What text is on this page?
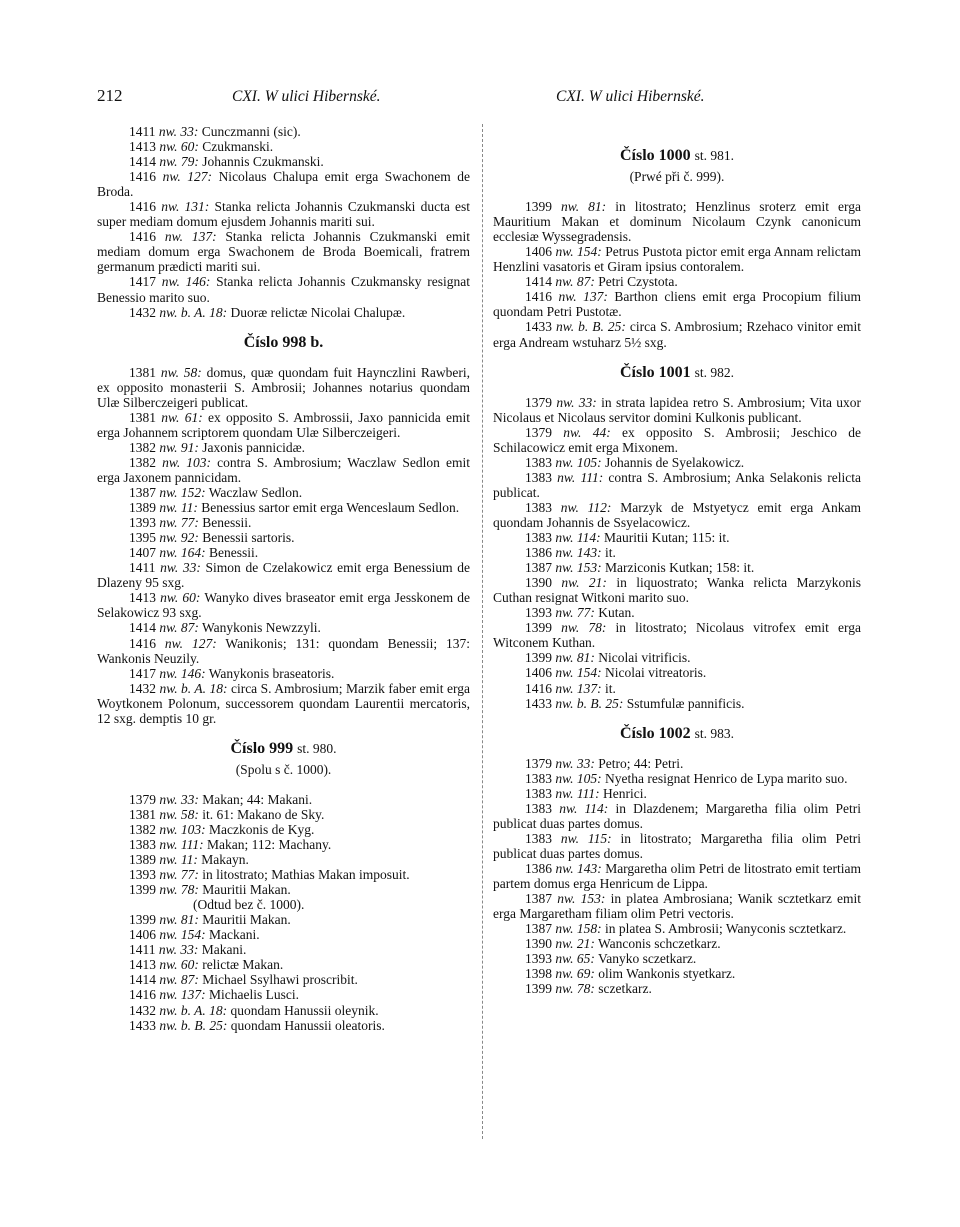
212	CXI. W ulici Hibernské.	CXI. W ulici Hibernské.

1411 nw. 33: Cunczmanni (sic).

1413 nw. 60: Czukmanski.

1414 nw. 79: Johannis Czukmanski.

1416 nw. 127: Nicolaus Chalupa emit erga Swachonem de Broda.

1416 nw. 131: Stanka relicta Johannis Czukmanski ducta est super mediam domum ejusdem Johannis mariti sui.

1416 nw. 137: Stanka relicta Johannis Czukmanski emit mediam domum erga Swachonem de Broda Boemicali, fratrem germanum prædicti mariti sui.

1417 nw. 146: Stanka relicta Johannis Czukmansky resignat Benessio marito suo.

1432 nw. b. A. 18: Duoræ relictæ Nicolai Chalupæ.

Číslo 998 b.

1381 nw. 58: domus, quæ quondam fuit Haynczlini Rawberi, ex opposito monasterii S. Ambrosii; Johannes notarius quondam Ulæ Silberczeigeri publicat.

1381 nw. 61: ex opposito S. Ambrossii, Jaxo pannicida emit erga Johannem scriptorem quondam Ulæ Silberczeigeri.

1382 nw. 91: Jaxonis pannicidæ.

1382 nw. 103: contra S. Ambrosium; Waczlaw Sedlon emit erga Jaxonem pannicidam.

1387 nw. 152: Waczlaw Sedlon.

1389 nw. 11: Benessius sartor emit erga Wenceslaum Sedlon.

1393 nw. 77: Benessii.

1395 nw. 92: Benessii sartoris.

1407 nw. 164: Benessii.

1411 nw. 33: Simon de Czelakowicz emit erga Benessium de Dlazeny 95 sxg.

1413 nw. 60: Wanyko dives braseator emit erga Jesskonem de Selakowicz 93 sxg.

1414 nw. 87: Wanykonis Newzzyli.

1416 nw. 127: Wanikonis; 131: quondam Benessii; 137: Wankonis Neuzily.

1417 nw. 146: Wanykonis braseatoris.

1432 nw. b. A. 18: circa S. Ambrosium; Marzik faber emit erga Woytkonem Polonum, successorem quondam Laurentii mercatoris, 12 sxg. demptis 10 gr.

Číslo 999 st. 980.

(Spolu s č. 1000).

1379 nw. 33: Makan; 44: Makani.

1381 nw. 58: it. 61: Makano de Sky.

1382 nw. 103: Maczkonis de Kyg.

1383 nw. 111: Makan; 112: Machany.

1389 nw. 11: Makayn.

1393 nw. 77: in litostrato; Mathias Makan imposuit.

1399 nw. 78: Mauritii Makan.

(Odtud bez č. 1000).

1399 nw. 81: Mauritii Makan.

1406 nw. 154: Mackani.

1411 nw. 33: Makani.

1413 nw. 60: relictæ Makan.

1414 nw. 87: Michael Ssylhawi proscribit.

1416 nw. 137: Michaelis Lusci.

1432 nw. b. A. 18: quondam Hanussii oleynik.

1433 nw. b. B. 25: quondam Hanussii oleatoris.

Číslo 1000 st. 981.

(Prwé při č. 999).

1399 nw. 81: in litostrato; Henzlinus sroterz emit erga Mauritium Makan et dominum Nicolaum Czynk canonicum ecclesiæ Wyssegradensis.

1406 nw. 154: Petrus Pustota pictor emit erga Annam relictam Henzlini vasatoris et Giram ipsius contoralem.

1414 nw. 87: Petri Czystota.

1416 nw. 137: Barthon cliens emit erga Procopium filium quondam Petri Pustotæ.

1433 nw. b. B. 25: circa S. Ambrosium; Rzehaco vinitor emit erga Andream wstuharz 5½ sxg.

Číslo 1001 st. 982.

1379 nw. 33: in strata lapidea retro S. Ambrosium; Vita uxor Nicolaus et Nicolaus servitor domini Kulkonis publicant.

1379 nw. 44: ex opposito S. Ambrosii; Jeschico de Schilacowicz emit erga Mixonem.

1383 nw. 105: Johannis de Syelakowicz.

1383 nw. 111: contra S. Ambrosium; Anka Selakonis relicta publicat.

1383 nw. 112: Marzyk de Mstyetycz emit erga Ankam quondam Johannis de Ssyelacowicz.

1383 nw. 114: Mauritii Kutan; 115: it.

1386 nw. 143: it.

1387 nw. 153: Marziconis Kutkan; 158: it.

1390 nw. 21: in liquostrato; Wanka relicta Marzykonis Cuthan resignat Witkoni marito suo.

1393 nw. 77: Kutan.

1399 nw. 78: in litostrato; Nicolaus vitrofex emit erga Witconem Kuthan.

1399 nw. 81: Nicolai vitrificis.

1406 nw. 154: Nicolai vitreatoris.

1416 nw. 137: it.

1433 nw. b. B. 25: Sstumfulæ pannificis.

Číslo 1002 st. 983.

1379 nw. 33: Petro; 44: Petri.

1383 nw. 105: Nyetha resignat Henrico de Lypa marito suo.

1383 nw. 111: Henrici.

1383 nw. 114: in Dlazdenem; Margaretha filia olim Petri publicat duas partes domus.

1383 nw. 115: in litostrato; Margaretha filia olim Petri publicat duas partes domus.

1386 nw. 143: Margaretha olim Petri de litostrato emit tertiam partem domus erga Henricum de Lippa.

1387 nw. 153: in platea Ambrosiana; Wanik scztetkarz emit erga Margaretham filiam olim Petri vectoris.

1387 nw. 158: in platea S. Ambrosii; Wanyconis scztetkarz.

1390 nw. 21: Wanconis schczetkarz.

1393 nw. 65: Vanyko sczetkarz.

1398 nw. 69: olim Wankonis styetkarz.

1399 nw. 78: sczetkarz.
